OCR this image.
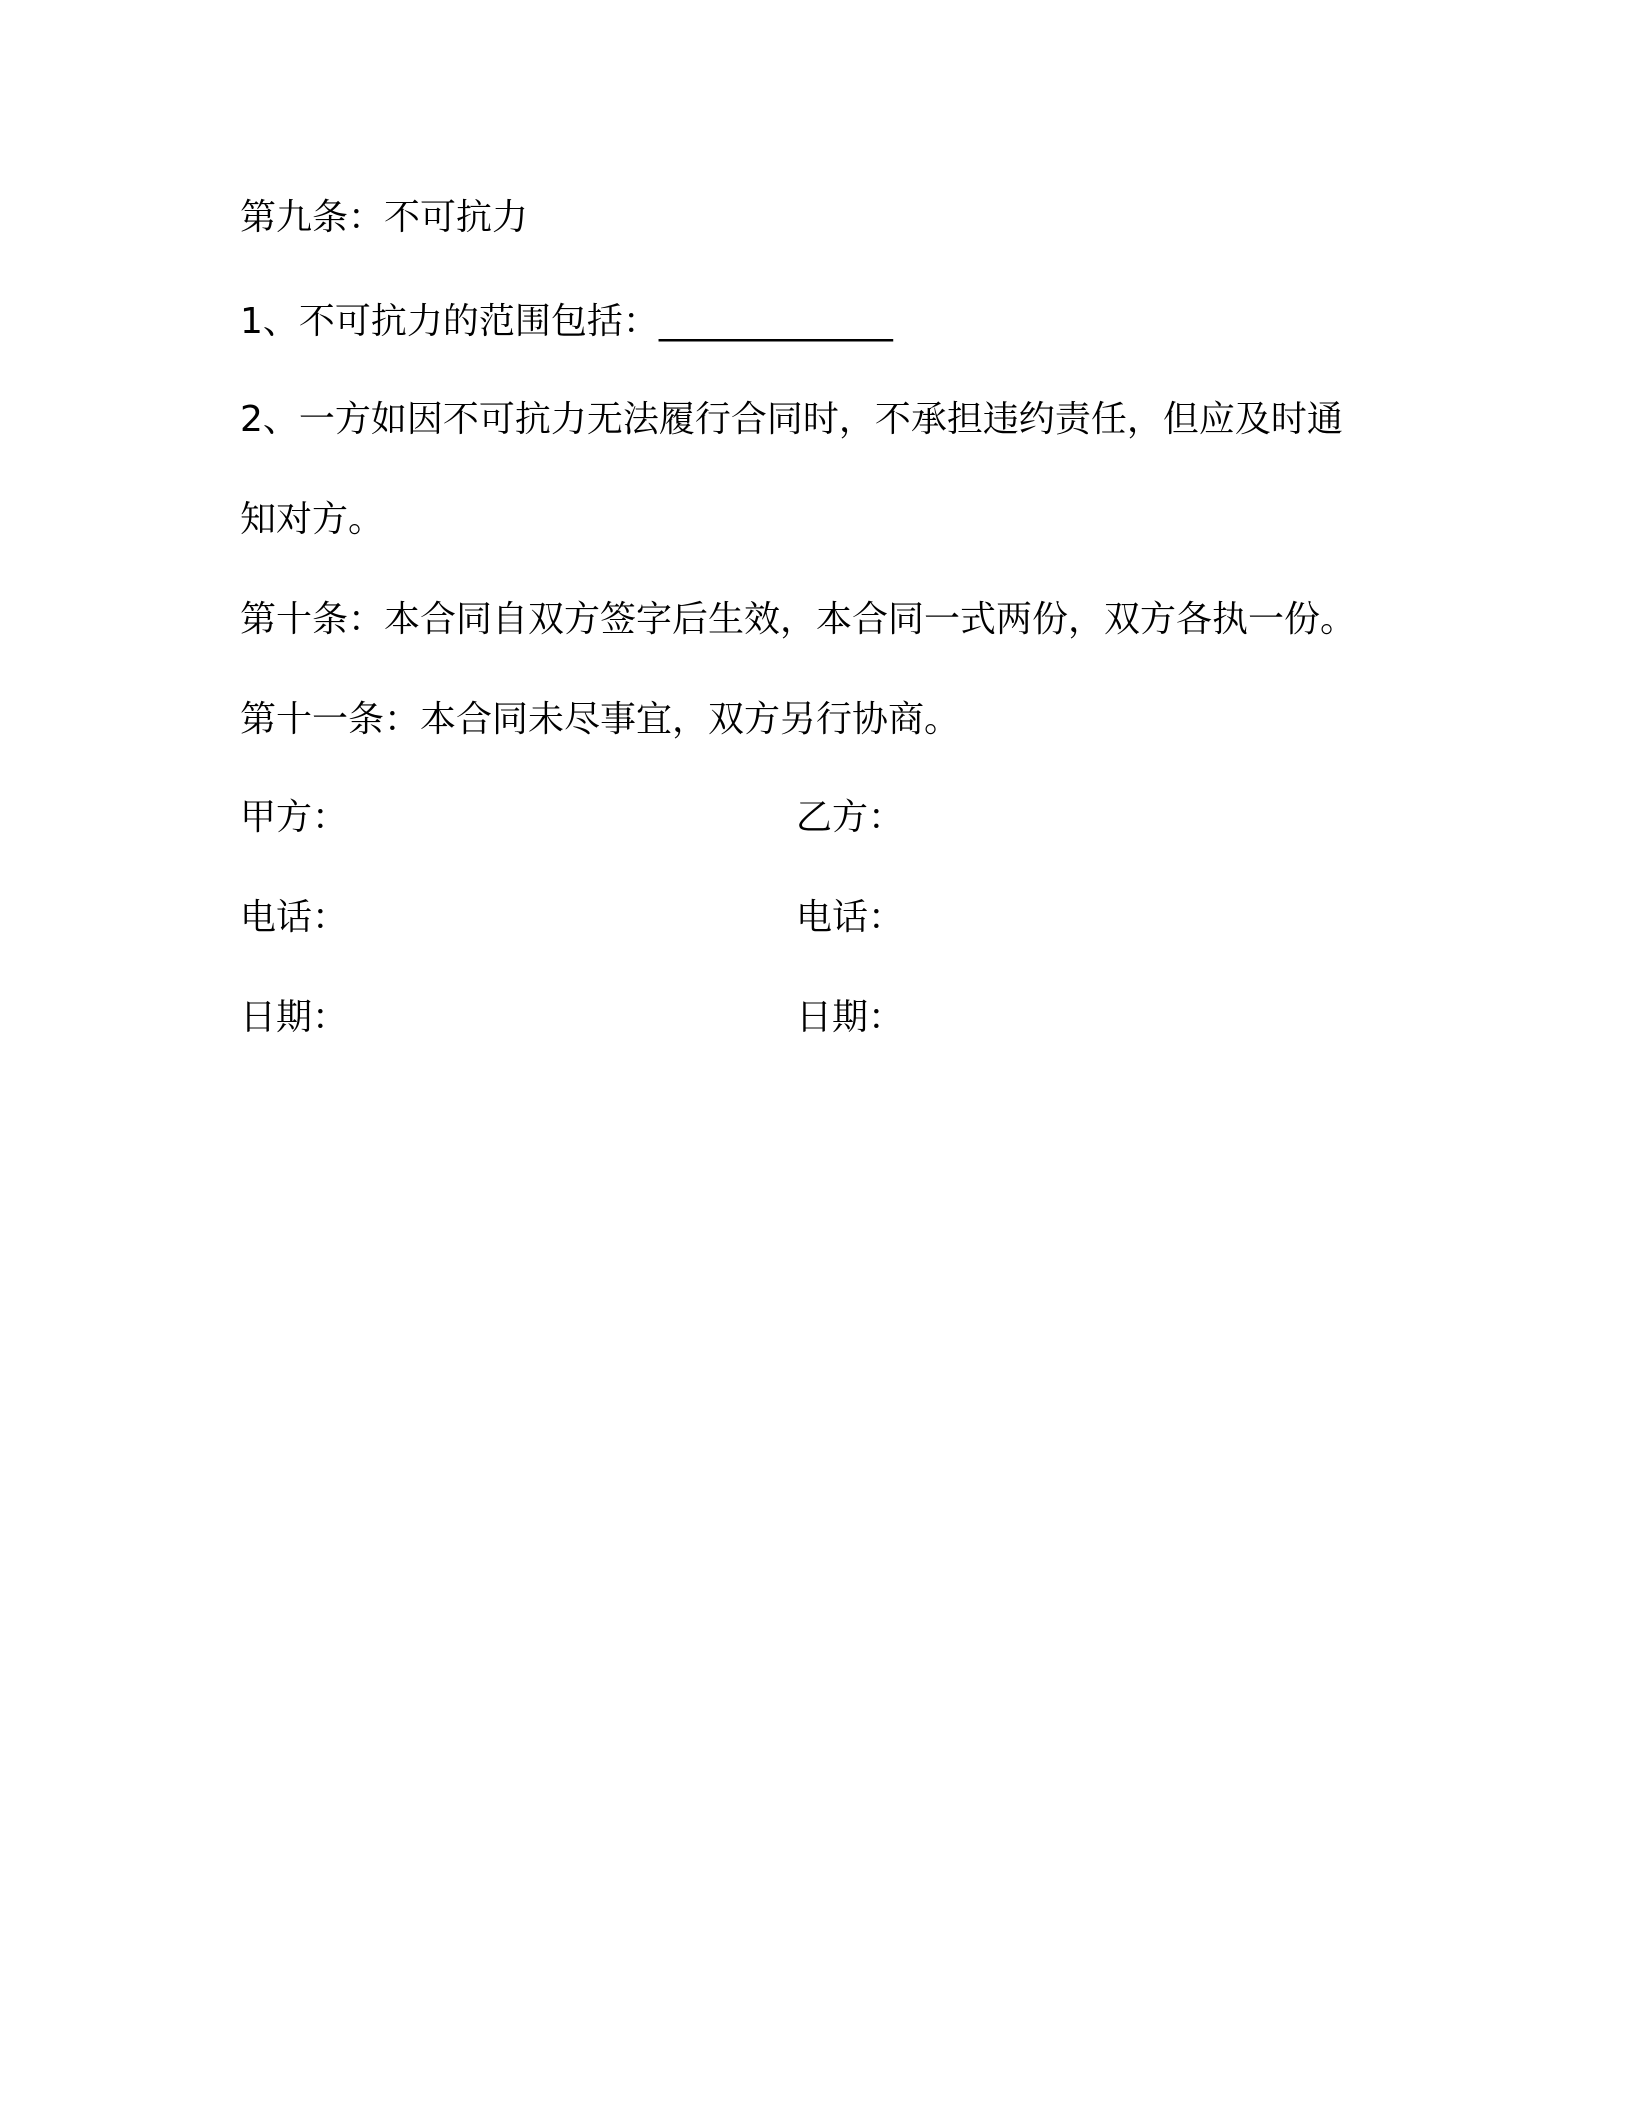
第九条：不可抗力
1、不可抗力的范围包括：_____________
2、一方如因不可抗力无法履行合同时，不承担违约责任，但应及时通
知对方。
第十条：本合同自双方签字后生效，本合同一式两份，双方各执一份。
第十一条：本合同未尽事宜，双方另行协商。
甲方：	乙方：
电话：	电话：
日期：	日期：
